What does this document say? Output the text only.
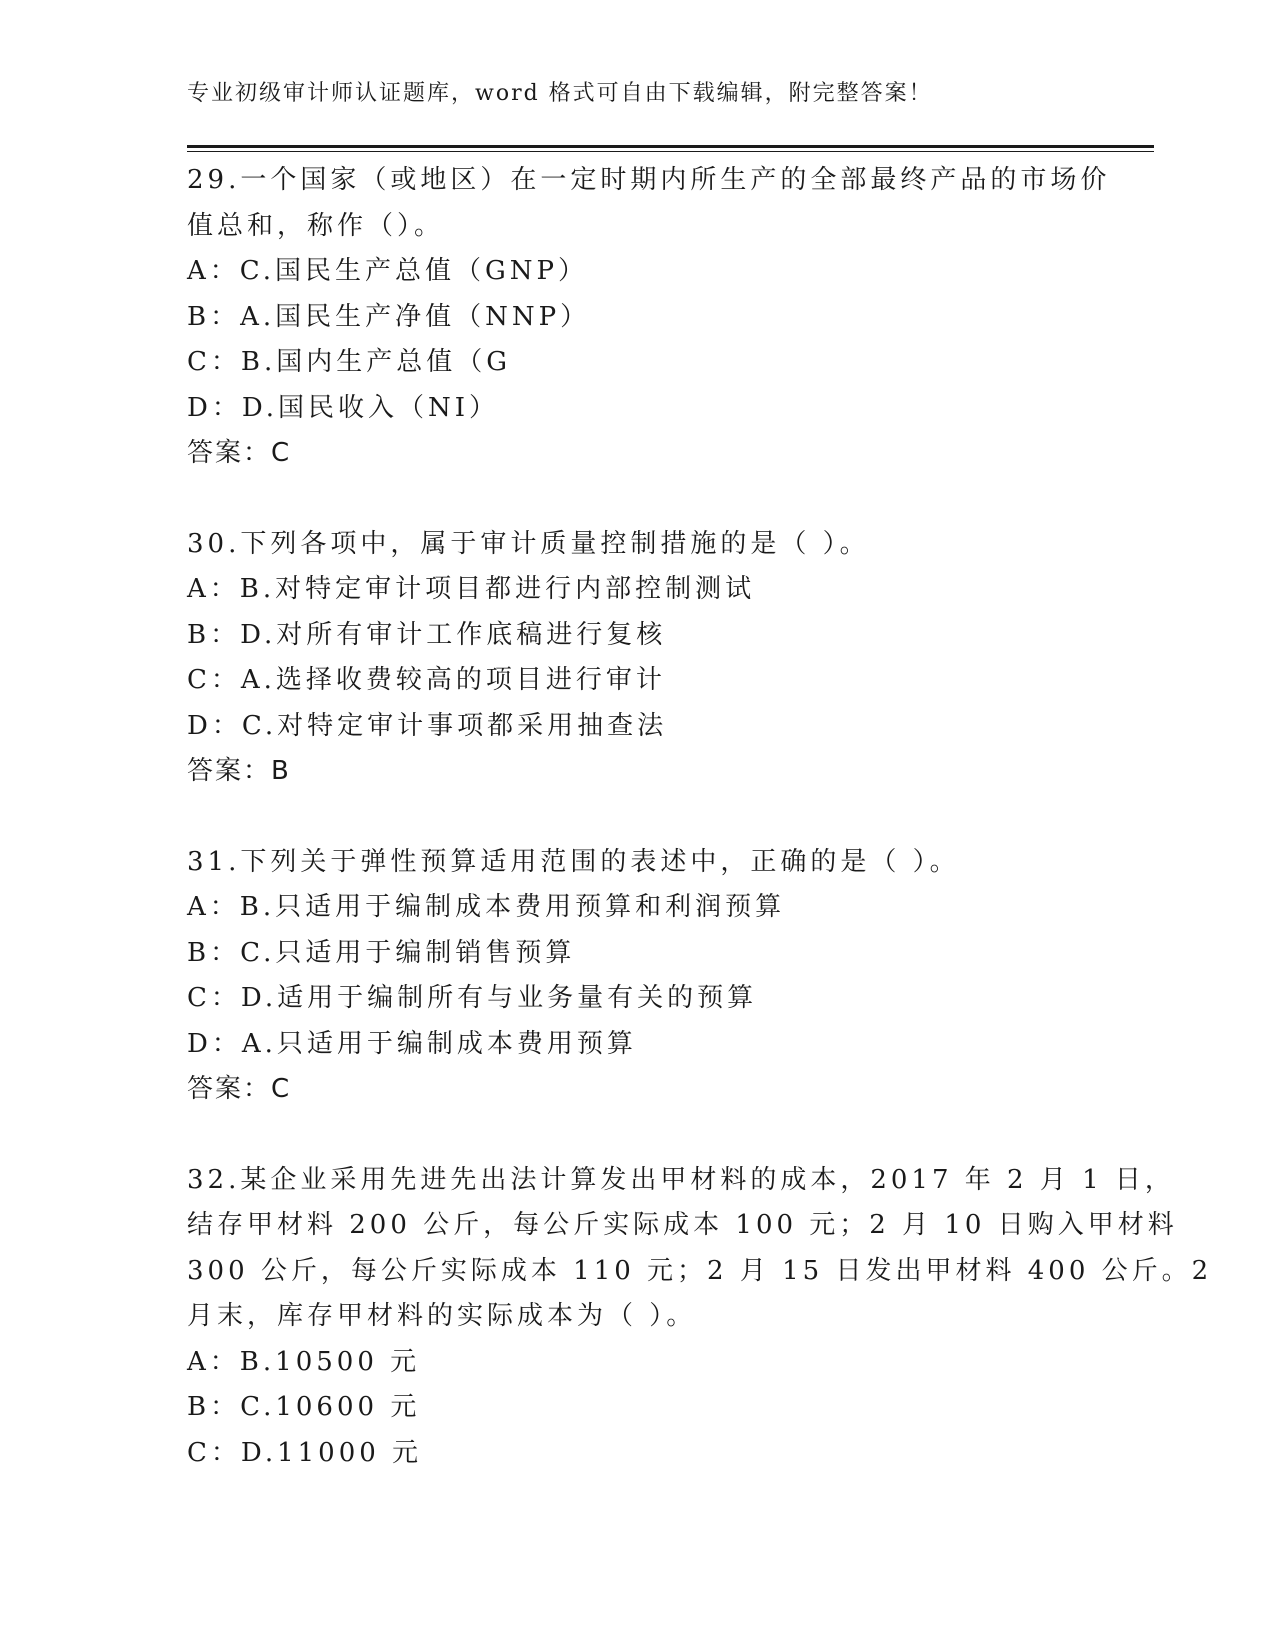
专业初级审计师认证题库，word 格式可自由下载编辑，附完整答案！
29.一个国家（或地区）在一定时期内所生产的全部最终产品的市场价
值总和，称作（）。
A：C.国民生产总值（GNP）
B：A.国民生产净值（NNP）
C：B.国内生产总值（G
D：D.国民收入（NI）
答案：C
30.下列各项中，属于审计质量控制措施的是（ ）。
A：B.对特定审计项目都进行内部控制测试
B：D.对所有审计工作底稿进行复核
C：A.选择收费较高的项目进行审计
D：C.对特定审计事项都采用抽查法
答案：B
31.下列关于弹性预算适用范围的表述中，正确的是（ ）。
A：B.只适用于编制成本费用预算和利润预算
B：C.只适用于编制销售预算
C：D.适用于编制所有与业务量有关的预算
D：A.只适用于编制成本费用预算
答案：C
32.某企业采用先进先出法计算发出甲材料的成本，2017 年 2 月 1 日，
结存甲材料 200 公斤，每公斤实际成本 100 元；2 月 10 日购入甲材料
300 公斤，每公斤实际成本 110 元；2 月 15 日发出甲材料 400 公斤。2
月末，库存甲材料的实际成本为（ ）。
A：B.10500 元
B：C.10600 元
C：D.11000 元
